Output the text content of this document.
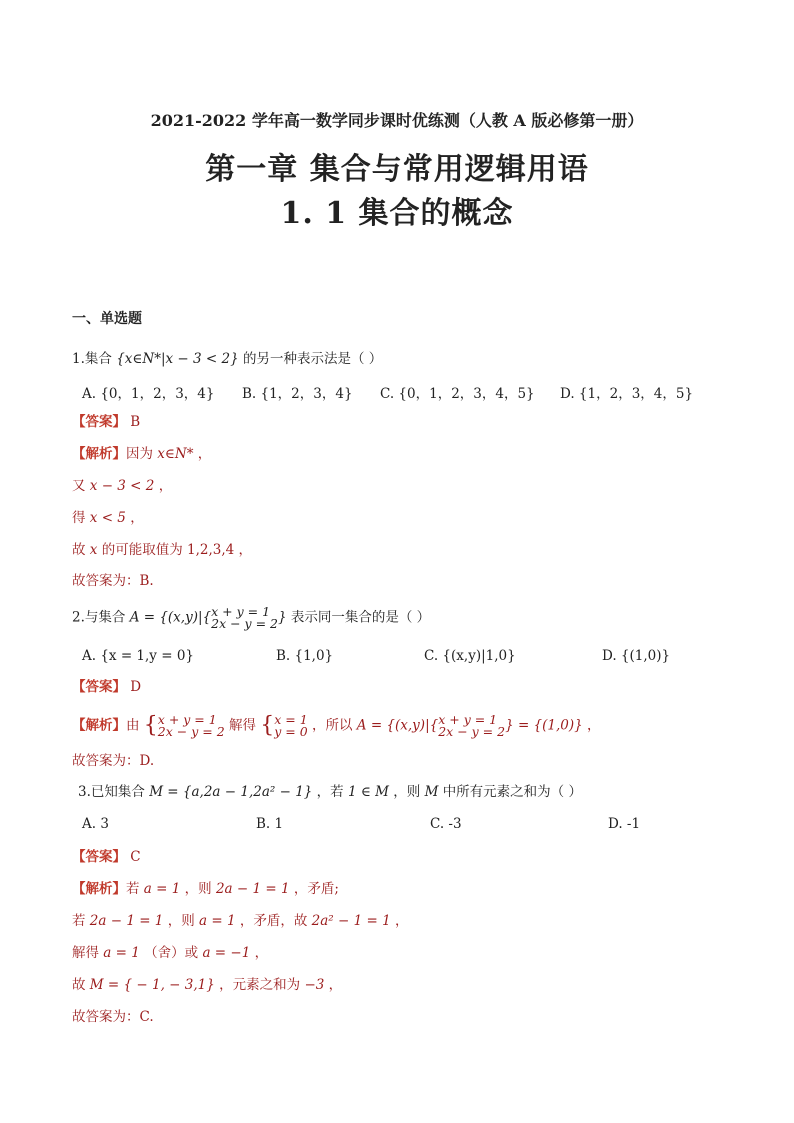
2021-2022 学年高一数学同步课时优练测（人教 A 版必修第一册）
第一章 集合与常用逻辑用语
1. 1 集合的概念
一、单选题
1.集合 {x∈N*|x − 3 < 2} 的另一种表示法是（ ）
A. {0，1，2，3，4} B. {1，2，3，4} C. {0，1，2，3，4，5} D. {1，2，3，4，5}
【答案】 B
【解析】因为 x∈N* ，
又 x − 3 < 2 ，
得 x < 5 ，
故 x 的可能取值为 1,2,3,4 ，
故答案为：B.
2.与集合 A = {(x,y)|{ x + y = 1
2x − y = 2 } 表示同一集合的是（ ）
A. {x = 1,y = 0}	B. {1,0}	C. {(x,y)|1,0}	D. {(1,0)}
【答案】 D
【解析】由 { x + y = 1
2x − y = 2 解得 { x = 1
y = 0 ，所以 A = {(x,y)|{ x + y = 1
2x − y = 2 } = {(1,0)} ，
故答案为：D.
3.已知集合 M = {a,2a − 1,2a² − 1} ，若 1 ∈ M ，则 M 中所有元素之和为（ ）
A. 3	B. 1	C. -3	D. -1
【答案】 C
【解析】若 a = 1 ，则 2a − 1 = 1 ，矛盾;
若 2a − 1 = 1 ，则 a = 1 ，矛盾，故 2a² − 1 = 1 ，
解得 a = 1 （舍）或 a = −1 ，
故 M = { − 1, − 3,1} ，元素之和为 −3 ，
故答案为：C.
